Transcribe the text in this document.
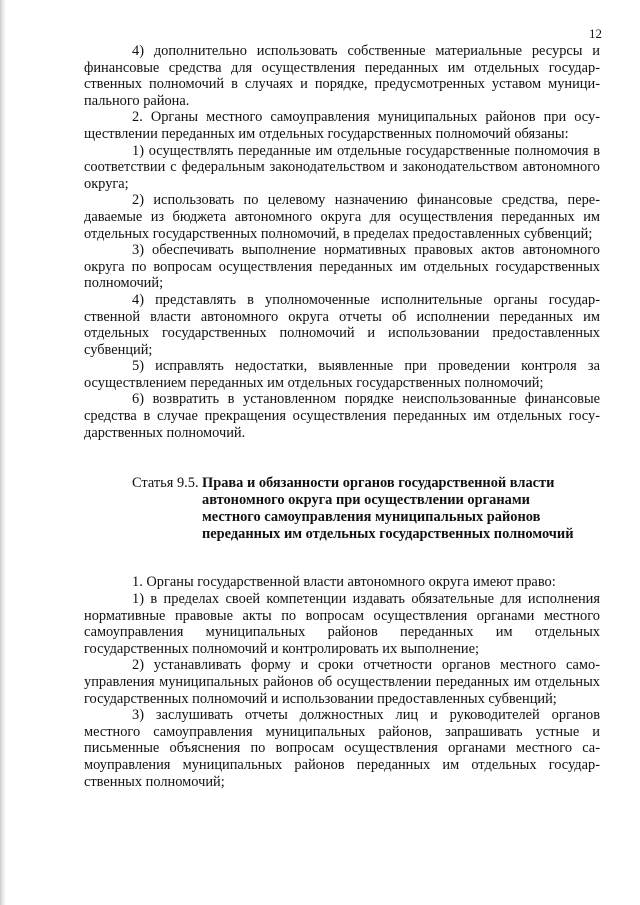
12

4) дополнительно использовать собственные материальные ресурсы и финансовые средства для осуществления переданных им отдельных государственных полномочий в случаях и порядке, предусмотренных уставом муниципального района.

2. Органы местного самоуправления муниципальных районов при осуществлении переданных им отдельных государственных полномочий обязаны:

1) осуществлять переданные им отдельные государственные полномочия в соответствии с федеральным законодательством и законодательством автономного округа;

2) использовать по целевому назначению финансовые средства, передаваемые из бюджета автономного округа для осуществления переданных им отдельных государственных полномочий, в пределах предоставленных субвенций;

3) обеспечивать выполнение нормативных правовых актов автономного округа по вопросам осуществления переданных им отдельных государственных полномочий;

4) представлять в уполномоченные исполнительные органы государственной власти автономного округа отчеты об исполнении переданных им отдельных государственных полномочий и использовании предоставленных субвенций;

5) исправлять недостатки, выявленные при проведении контроля за осуществлением переданных им отдельных государственных полномочий;

6) возвратить в установленном порядке неиспользованные финансовые средства в случае прекращения осуществления переданных им отдельных государственных полномочий.

Статья 9.5. Права и обязанности органов государственной власти
автономного округа при осуществлении органами
местного самоуправления муниципальных районов
переданных им отдельных государственных полномочий

1. Органы государственной власти автономного округа имеют право:

1) в пределах своей компетенции издавать обязательные для исполнения нормативные правовые акты по вопросам осуществления органами местного самоуправления муниципальных районов переданных им отдельных государственных полномочий и контролировать их выполнение;

2) устанавливать форму и сроки отчетности органов местного самоуправления муниципальных районов об осуществлении переданных им отдельных государственных полномочий и использовании предоставленных субвенций;

3) заслушивать отчеты должностных лиц и руководителей органов местного самоуправления муниципальных районов, запрашивать устные и письменные объяснения по вопросам осуществления органами местного самоуправления муниципальных районов переданных им отдельных государственных полномочий;
